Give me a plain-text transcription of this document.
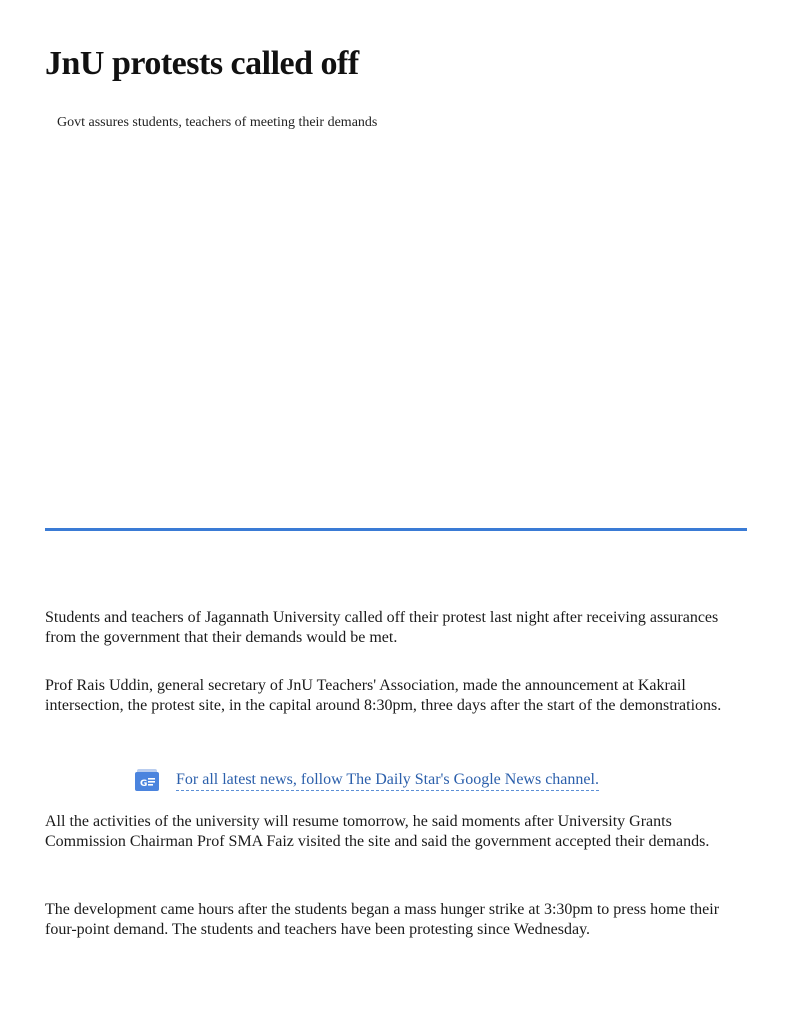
JnU protests called off

Govt assures students, teachers of meeting their demands

Students and teachers of Jagannath University called off their protest last night after receiving assurances from the government that their demands would be met.

Prof Rais Uddin, general secretary of JnU Teachers' Association, made the announcement at Kakrail intersection, the protest site, in the capital around 8:30pm, three days after the start of the demonstrations.

G For all latest news, follow The Daily Star's Google News channel.

All the activities of the university will resume tomorrow, he said moments after University Grants Commission Chairman Prof SMA Faiz visited the site and said the government accepted their demands.

The development came hours after the students began a mass hunger strike at 3:30pm to press home their four-point demand. The students and teachers have been protesting since Wednesday.
